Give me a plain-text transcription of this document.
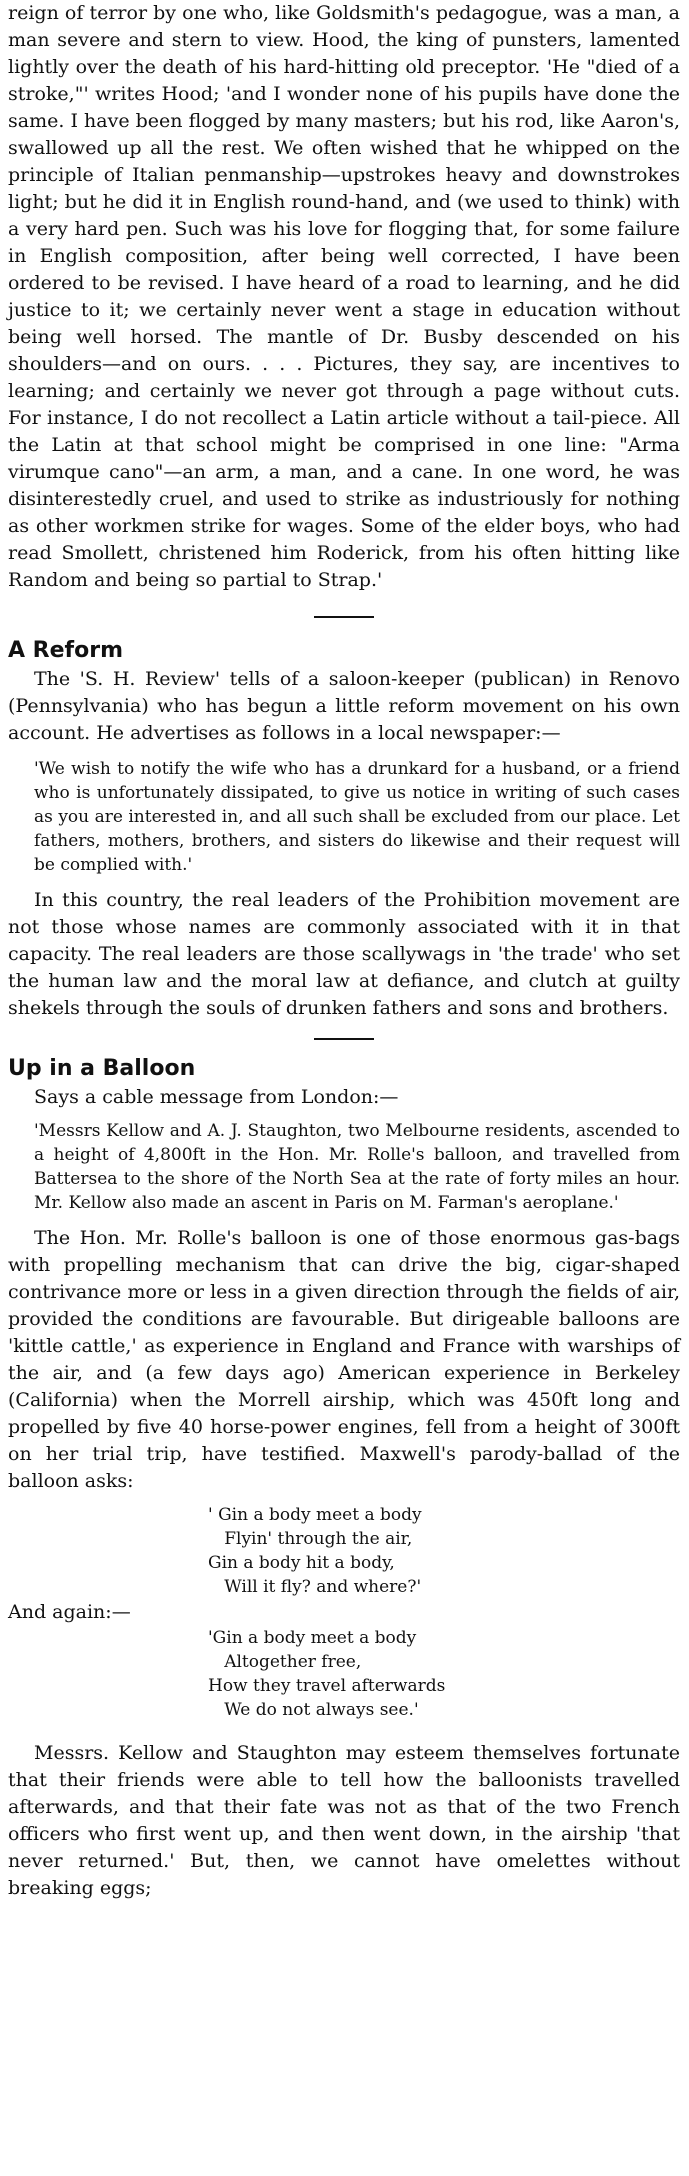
reign of terror by one who, like Goldsmith's pedagogue, was a man, a man severe and stern to view. Hood, the king of punsters, lamented lightly over the death of his hard-hitting old preceptor. 'He "died of a stroke,"' writes Hood; 'and I wonder none of his pupils have done the same. I have been flogged by many masters; but his rod, like Aaron's, swallowed up all the rest. We often wished that he whipped on the principle of Italian penmanship—upstrokes heavy and downstrokes light; but he did it in English round-hand, and (we used to think) with a very hard pen. Such was his love for flogging that, for some failure in English composition, after being well corrected, I have been ordered to be revised. I have heard of a road to learning, and he did justice to it; we certainly never went a stage in education without being well horsed. The mantle of Dr. Busby descended on his shoulders—and on ours. . . . Pictures, they say, are incentives to learning; and certainly we never got through a page without cuts. For instance, I do not recollect a Latin article without a tail-piece. All the Latin at that school might be comprised in one line: "Arma virumque cano"—an arm, a man, and a cane. In one word, he was disinterestedly cruel, and used to strike as industriously for nothing as other workmen strike for wages. Some of the elder boys, who had read Smollett, christened him Roderick, from his often hitting like Random and being so partial to Strap.'

A Reform

The 'S. H. Review' tells of a saloon-keeper (publican) in Renovo (Pennsylvania) who has begun a little reform movement on his own account. He advertises as follows in a local newspaper:—

'We wish to notify the wife who has a drunkard for a husband, or a friend who is unfortunately dissipated, to give us notice in writing of such cases as you are interested in, and all such shall be excluded from our place. Let fathers, mothers, brothers, and sisters do likewise and their request will be complied with.'

In this country, the real leaders of the Prohibition movement are not those whose names are commonly associated with it in that capacity. The real leaders are those scallywags in 'the trade' who set the human law and the moral law at defiance, and clutch at guilty shekels through the souls of drunken fathers and sons and brothers.

Up in a Balloon

Says a cable message from London:—

'Messrs Kellow and A. J. Staughton, two Melbourne residents, ascended to a height of 4,800ft in the Hon. Mr. Rolle's balloon, and travelled from Battersea to the shore of the North Sea at the rate of forty miles an hour. Mr. Kellow also made an ascent in Paris on M. Farman's aeroplane.'

The Hon. Mr. Rolle's balloon is one of those enormous gas-bags with propelling mechanism that can drive the big, cigar-shaped contrivance more or less in a given direction through the fields of air, provided the conditions are favourable. But dirigeable balloons are 'kittle cattle,' as experience in England and France with warships of the air, and (a few days ago) American experience in Berkeley (California) when the Morrell airship, which was 450ft long and propelled by five 40 horse-power engines, fell from a height of 300ft on her trial trip, have testified. Maxwell's parody-ballad of the balloon asks:

' Gin a body meet a body
Flyin' through the air,
Gin a body hit a body,
Will it fly? and where?'
And again:—
'Gin a body meet a body
Altogether free,
How they travel afterwards
We do not always see.'

Messrs. Kellow and Staughton may esteem themselves fortunate that their friends were able to tell how the balloonists travelled afterwards, and that their fate was not as that of the two French officers who first went up, and then went down, in the airship 'that never returned.' But, then, we cannot have omelettes without breaking eggs;
